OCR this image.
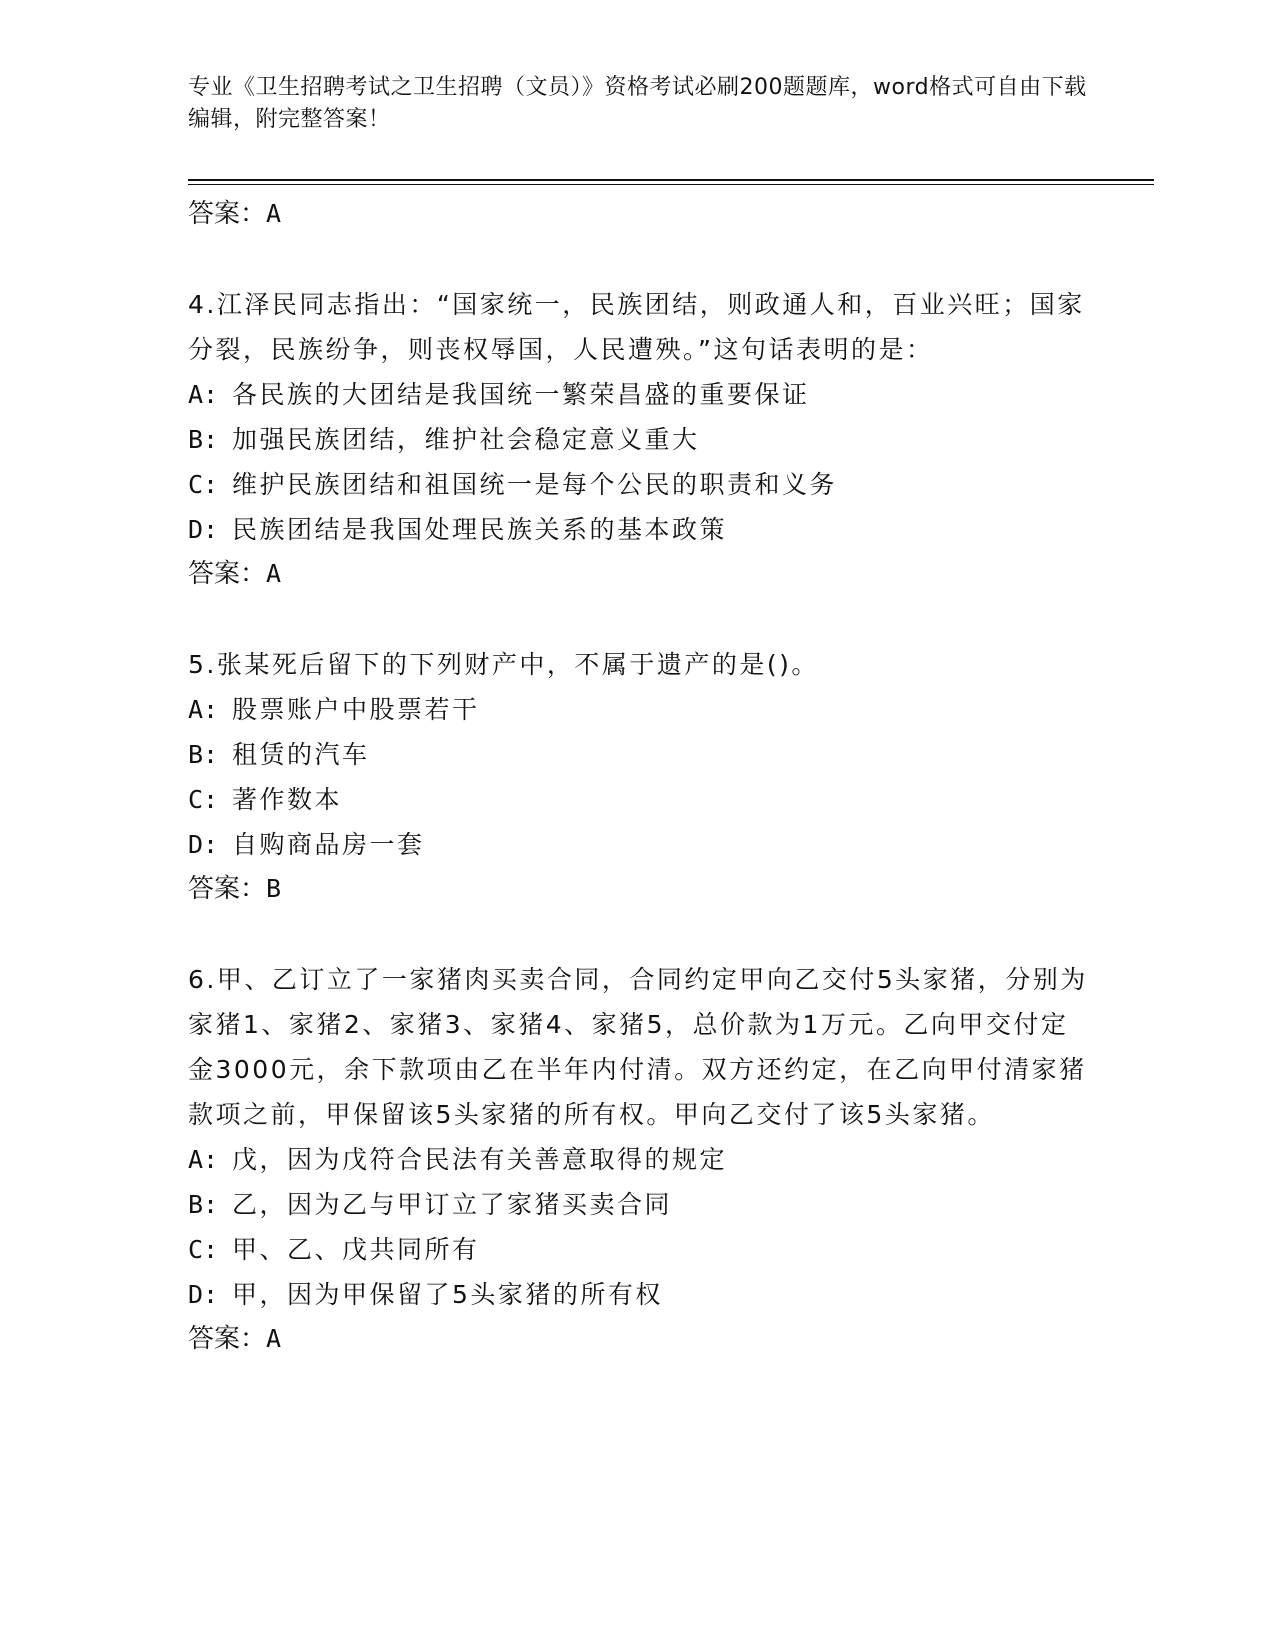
专业《卫生招聘考试之卫生招聘（文员）》资格考试必刷200题题库，word格式可自由下载编辑，附完整答案！
答案：A
4.江泽民同志指出：“国家统一，民族团结，则政通人和，百业兴旺；国家分裂，民族纷争，则丧权辱国，人民遭殃。”这句话表明的是：
A: 各民族的大团结是我国统一繁荣昌盛的重要保证
B: 加强民族团结，维护社会稳定意义重大
C: 维护民族团结和祖国统一是每个公民的职责和义务
D: 民族团结是我国处理民族关系的基本政策
答案：A
5.张某死后留下的下列财产中，不属于遗产的是()。
A: 股票账户中股票若干
B: 租赁的汽车
C: 著作数本
D: 自购商品房一套
答案：B
6.甲、乙订立了一家猪肉买卖合同，合同约定甲向乙交付5头家猪，分别为家猪1、家猪2、家猪3、家猪4、家猪5，总价款为1万元。乙向甲交付定金3000元，余下款项由乙在半年内付清。双方还约定，在乙向甲付清家猪款项之前，甲保留该5头家猪的所有权。甲向乙交付了该5头家猪。
A: 戊，因为戊符合民法有关善意取得的规定
B: 乙，因为乙与甲订立了家猪买卖合同
C: 甲、乙、戊共同所有
D: 甲，因为甲保留了5头家猪的所有权
答案：A
